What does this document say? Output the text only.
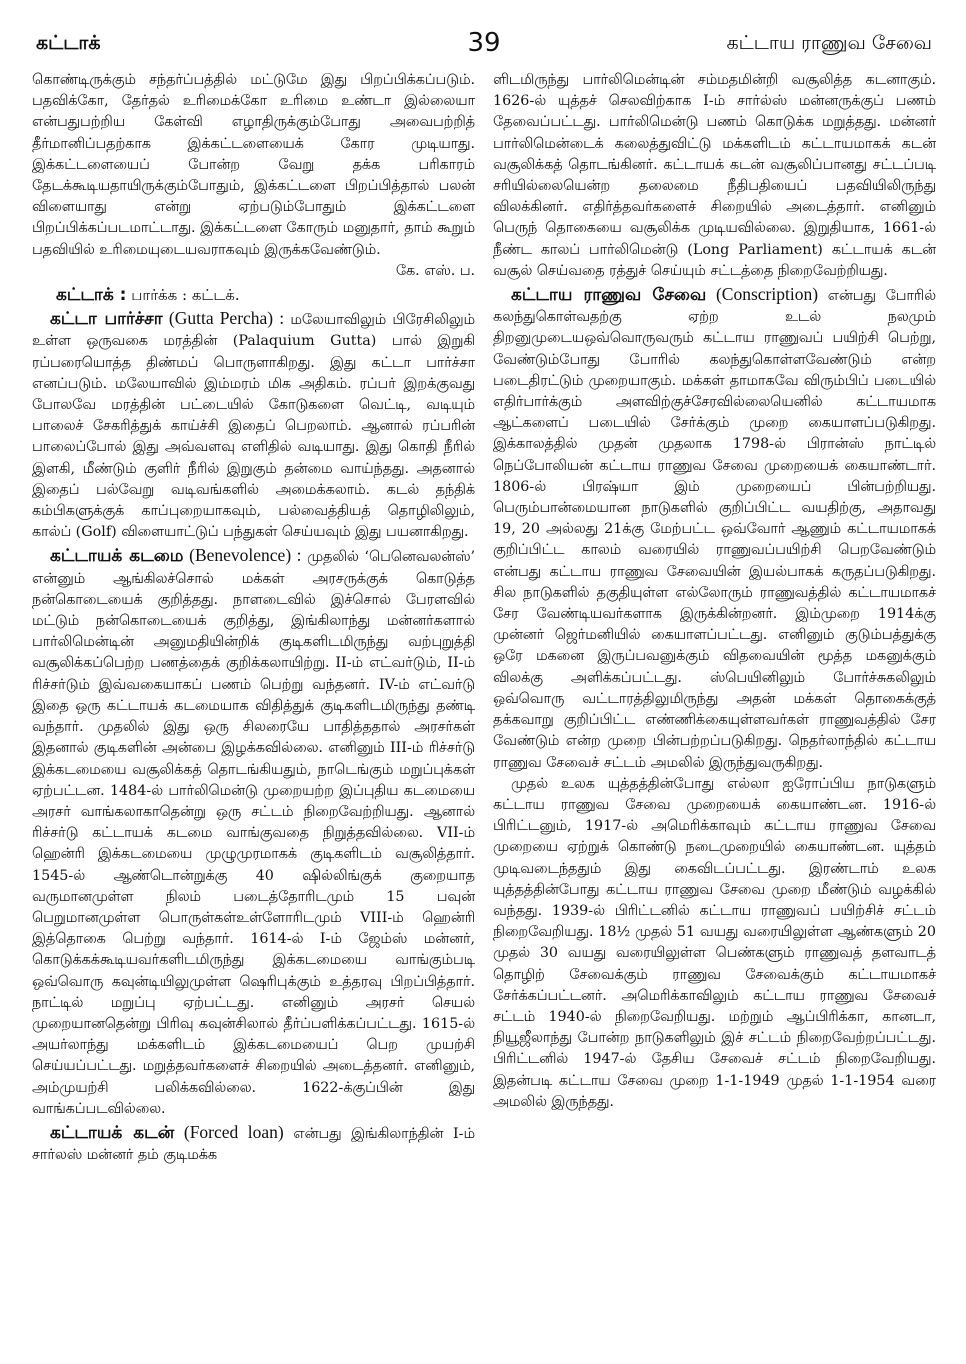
கட்டாக்	39	கட்டாய ராணுவ சேவை

கொண்டிருக்கும் சந்தர்ப்பத்தில் மட்டுமே இது பிறப்பிக்கப்படும். பதவிக்கோ, தேர்தல் உரிமைக்கோ உரிமை உண்டா இல்லையா என்பதுபற்றிய கேள்வி எழாதிருக்கும்போது அவைபற்றித் தீர்மானிப்பதற்காக இக்கட்டளையைக் கோர முடியாது. இக்கட்டளையைப் போன்ற வேறு தக்க பரிகாரம் தேடக்கூடியதாயிருக்கும்போதும், இக்கட்டளை பிறப்பித்தால் பலன் விளையாது என்று ஏற்படும்போதும் இக்கட்டளை பிறப்பிக்கப்படமாட்டாது. இக்கட்டளை கோரும் மனுதார், தாம் கூறும் பதவியில் உரிமையுடையவராகவும் இருக்கவேண்டும்.

கே. எஸ். ப.

கட்டாக் : பார்க்க : கட்டக்.

கட்டா பார்ச்சா (Gutta Percha) : மலேயாவிலும் பிரேசிலிலும் உள்ள ஒருவகை மரத்தின் (Palaquium Gutta) பால் இறுகி ரப்பரையொத்த திண்மப் பொருளாகிறது. இது கட்டா பார்ச்சா எனப்படும். மலேயாவில் இம்மரம் மிக அதிகம். ரப்பர் இறக்குவது போலவே மரத்தின் பட்டையில் கோடுகளை வெட்டி, வடியும் பாலைச் சேகரித்துக் காய்ச்சி இதைப் பெறலாம். ஆனால் ரப்பரின் பாலைப்போல் இது அவ்வளவு எளிதில் வடியாது. இது கொதி நீரில் இளகி, மீண்டும் குளிர் நீரில் இறுகும் தன்மை வாய்ந்தது. அதனால் இதைப் பல்வேறு வடிவங்களில் அமைக்கலாம். கடல் தந்திக் கம்பிகளுக்குக் காப்புறையாகவும், பல்வைத்தியத் தொழிலிலும், கால்ப் (Golf) விளையாட்டுப் பந்துகள் செய்யவும் இது பயனாகிறது.

கட்டாயக் கடமை (Benevolence) : முதலில் ‘பெனெவலன்ஸ்’ என்னும் ஆங்கிலச்சொல் மக்கள் அரசருக்குக் கொடுத்த நன்கொடையைக் குறித்தது. நாளடைவில் இச்சொல் பேரளவில் மட்டும் நன்கொடையைக் குறித்து, இங்கிலாந்து மன்னர்களால் பார்லிமென்டின் அனுமதியின்றிக் குடிகளிடமிருந்து வற்புறுத்தி வசூலிக்கப்பெற்ற பணத்தைக் குறிக்கலாயிற்று. II-ம் எட்வர்டும், II-ம் ரிச்சர்டும் இவ்வகையாகப் பணம் பெற்று வந்தனர். IV-ம் எட்வர்டு இதை ஒரு கட்டாயக் கடமையாக விதித்துக் குடிகளிடமிருந்து தண்டி வந்தார். முதலில் இது ஒரு சிலரையே பாதித்ததால் அரசர்கள் இதனால் குடிகளின் அன்பை இழக்கவில்லை. எனினும் III-ம் ரிச்சர்டு இக்கடமையை வசூலிக்கத் தொடங்கியதும், நாடெங்கும் மறுப்புக்கள் ஏற்பட்டன. 1484-ல் பார்லிமென்டு முறையற்ற இப்புதிய கடமையை அரசர் வாங்கலாகாதென்று ஒரு சட்டம் நிறைவேற்றியது. ஆனால் ரிச்சர்டு கட்டாயக் கடமை வாங்குவதை நிறுத்தவில்லை. VII-ம் ஹென்ரி இக்கடமையை முழுமுரமாகக் குடிகளிடம் வசூலித்தார். 1545-ல் ஆண்டொன்றுக்கு 40 ஷில்லிங்குக் குறையாத வருமானமுள்ள நிலம் படைத்தோரிடமும் 15 பவுன் பெறுமானமுள்ள பொருள்கள்உள்ளோரிடமும் VIII-ம் ஹென்ரி இத்தொகை பெற்று வந்தார். 1614-ல் I-ம் ஜேம்ஸ் மன்னர், கொடுக்கக்கூடியவர்களிடமிருந்து இக்கடமையை வாங்கும்படி ஒவ்வொரு கவுன்டியிலுமுள்ள ஷெரிபுக்கும் உத்தரவு பிறப்பித்தார். நாட்டில் மறுப்பு ஏற்பட்டது. எனினும் அரசர் செயல் முறையானதென்று பிரிவு கவுன்சிலால் தீர்ப்பளிக்கப்பட்டது. 1615-ல் அயர்லாந்து மக்களிடம் இக்கடமையைப் பெற முயற்சி செய்யப்பட்டது. மறுத்தவர்களைச் சிறையில் அடைத்தனர். எனினும், அம்முயற்சி பலிக்கவில்லை. 1622-க்குப்பின் இது வாங்கப்படவில்லை.

கட்டாயக் கடன் (Forced loan) என்பது இங்கிலாந்தின் I-ம் சார்லஸ் மன்னர் தம் குடிமக்க

ளிடமிருந்து பார்லிமென்டின் சம்மதமின்றி வசூலித்த கடனாகும். 1626-ல் யுத்தச் செலவிற்காக I-ம் சார்ல்ஸ் மன்னருக்குப் பணம் தேவைப்பட்டது. பார்லிமென்டு பணம் கொடுக்க மறுத்தது. மன்னர் பார்லிமென்டைக் கலைத்துவிட்டு மக்களிடம் கட்டாயமாகக் கடன் வசூலிக்கத் தொடங்கினர். கட்டாயக் கடன் வசூலிப்பானது சட்டப்படி சரியில்லையென்ற தலைமை நீதிபதியைப் பதவியிலிருந்து விலக்கினர். எதிர்த்தவர்களைச் சிறையில் அடைத்தார். எனினும் பெருந் தொகையை வசூலிக்க முடியவில்லை. இறுதியாக, 1661-ல் நீண்ட காலப் பார்லிமென்டு (Long Parliament) கட்டாயக் கடன் வசூல் செய்வதை ரத்துச் செய்யும் சட்டத்தை நிறைவேற்றியது.

கட்டாய ராணுவ சேவை (Conscription) என்பது போரில் கலந்துகொள்வதற்கு ஏற்ற உடல் நலமும் திறனுமுடையஒவ்வொருவரும் கட்டாய ராணுவப் பயிற்சி பெற்று, வேண்டும்போது போரில் கலந்துகொள்ளவேண்டும் என்ற படைதிரட்டும் முறையாகும். மக்கள் தாமாகவே விரும்பிப் படையில் எதிர்பார்க்கும் அளவிற்குச்சேரவில்லையெனில் கட்டாயமாக ஆட்களைப் படையில் சேர்க்கும் முறை கையாளப்படுகிறது. இக்காலத்தில் முதன் முதலாக 1798-ல் பிரான்ஸ் நாட்டில் நெப்போலியன் கட்டாய ராணுவ சேவை முறையைக் கையாண்டார். 1806-ல் பிரஷ்யா இம் முறையைப் பின்பற்றியது. பெரும்பான்மையான நாடுகளில் குறிப்பிட்ட வயதிற்கு, அதாவது 19, 20 அல்லது 21க்கு மேற்பட்ட ஒவ்வோர் ஆணும் கட்டாயமாகக் குறிப்பிட்ட காலம் வரையில் ராணுவப்பயிற்சி பெறவேண்டும் என்பது கட்டாய ராணுவ சேவையின் இயல்பாகக் கருதப்படுகிறது. சில நாடுகளில் தகுதியுள்ள எல்லோரும் ராணுவத்தில் கட்டாயமாகச் சேர வேண்டியவர்களாக இருக்கின்றனர். இம்முறை 1914க்கு முன்னர் ஜெர்மனியில் கையாளப்பட்டது. எனினும் குடும்பத்துக்கு ஒரே மகனை இருப்பவனுக்கும் விதவையின் மூத்த மகனுக்கும் விலக்கு அளிக்கப்பட்டது. ஸ்பெயினிலும் போர்ச்சுகலிலும் ஒவ்வொரு வட்டாரத்திலுமிருந்து அதன் மக்கள் தொகைக்குத் தக்கவாறு குறிப்பிட்ட எண்ணிக்கையுள்ளவர்கள் ராணுவத்தில் சேர வேண்டும் என்ற முறை பின்பற்றப்படுகிறது. நெதர்லாந்தில் கட்டாய ராணுவ சேவைச் சட்டம் அமலில் இருந்துவருகிறது.

முதல் உலக யுத்தத்தின்போது எல்லா ஐரோப்பிய நாடுகளும் கட்டாய ராணுவ சேவை முறையைக் கையாண்டன. 1916-ல் பிரிட்டனும், 1917-ல் அமெரிக்காவும் கட்டாய ராணுவ சேவை முறையை ஏற்றுக் கொண்டு நடைமுறையில் கையாண்டன. யுத்தம் முடிவடைந்ததும் இது கைவிடப்பட்டது. இரண்டாம் உலக யுத்தத்தின்போது கட்டாய ராணுவ சேவை முறை மீண்டும் வழக்கில் வந்தது. 1939-ல் பிரிட்டனில் கட்டாய ராணுவப் பயிற்சிச் சட்டம் நிறைவேறியது. 18½ முதல் 51 வயது வரையிலுள்ள ஆண்களும் 20 முதல் 30 வயது வரையிலுள்ள பெண்களும் ராணுவத் தளவாடத் தொழிற் சேவைக்கும் ராணுவ சேவைக்கும் கட்டாயமாகச் சேர்க்கப்பட்டனர். அமெரிக்காவிலும் கட்டாய ராணுவ சேவைச் சட்டம் 1940-ல் நிறைவேறியது. மற்றும் ஆப்பிரிக்கா, கானடா, நியூஜீலாந்து போன்ற நாடுகளிலும் இச் சட்டம் நிறைவேற்றப்பட்டது. பிரிட்டனில் 1947-ல் தேசிய சேவைச் சட்டம் நிறைவேறியது. இதன்படி கட்டாய சேவை முறை 1-1-1949 முதல் 1-1-1954 வரை அமலில் இருந்தது.
